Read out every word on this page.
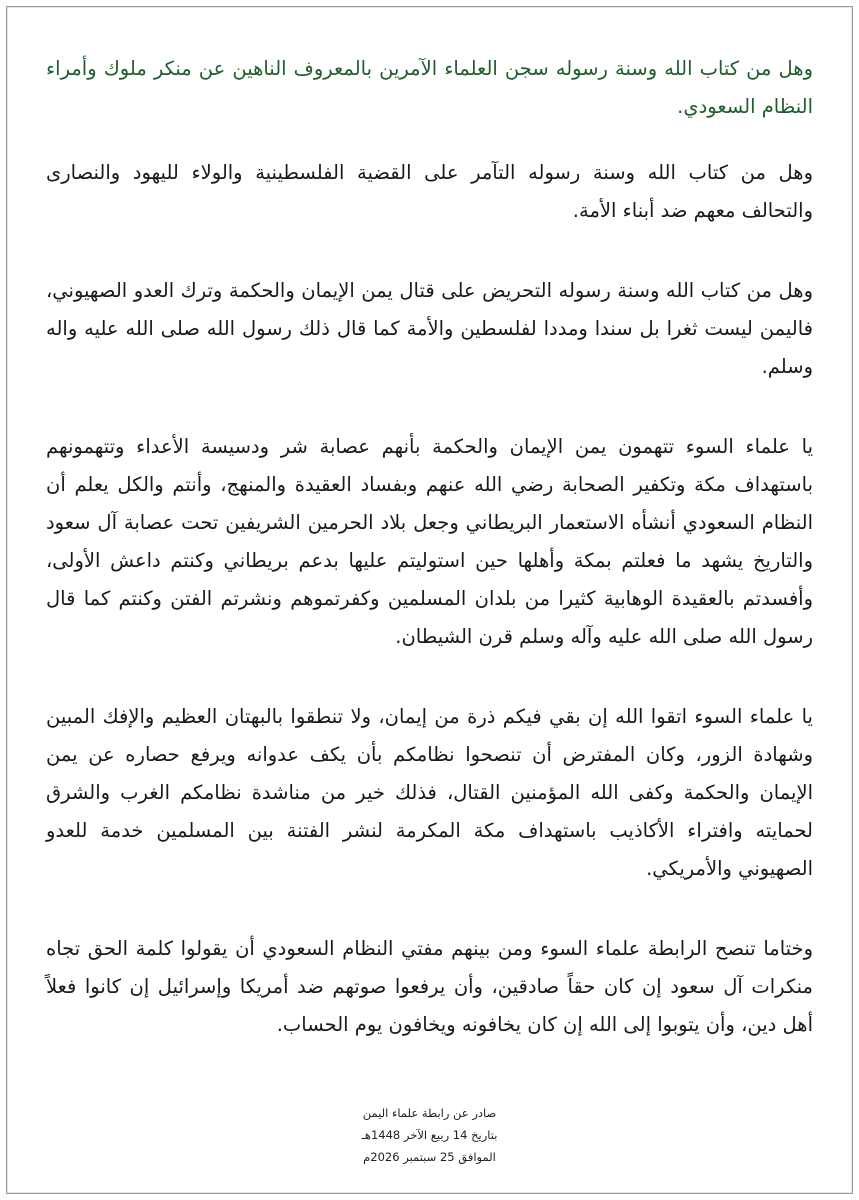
وهل من كتاب الله وسنة رسوله سجن العلماء الآمرين بالمعروف الناهين عن منكر ملوك وأمراء النظام السعودي.

وهل من كتاب الله وسنة رسوله التآمر على القضية الفلسطينية والولاء لليهود والنصارى والتحالف معهم ضد أبناء الأمة.

وهل من كتاب الله وسنة رسوله التحريض على قتال يمن الإيمان والحكمة وترك العدو الصهيوني، فاليمن ليست ثغرا بل سندا ومددا لفلسطين والأمة كما قال ذلك رسول الله صلى الله عليه واله وسلم.

يا علماء السوء تتهمون يمن الإيمان والحكمة بأنهم عصابة شر ودسيسة الأعداء وتتهمونهم باستهداف مكة وتكفير الصحابة رضي الله عنهم وبفساد العقيدة والمنهج، وأنتم والكل يعلم أن النظام السعودي أنشأه الاستعمار البريطاني وجعل بلاد الحرمين الشريفين تحت عصابة آل سعود والتاريخ يشهد ما فعلتم بمكة وأهلها حين استوليتم عليها بدعم بريطاني وكنتم داعش الأولى، وأفسدتم بالعقيدة الوهابية كثيرا من بلدان المسلمين وكفرتموهم ونشرتم الفتن وكنتم كما قال رسول الله صلى الله عليه وآله وسلم قرن الشيطان.

يا علماء السوء اتقوا الله إن بقي فيكم ذرة من إيمان، ولا تنطقوا بالبهتان العظيم والإفك المبين وشهادة الزور، وكان المفترض أن تنصحوا نظامكم بأن يكف عدوانه ويرفع حصاره عن يمن الإيمان والحكمة وكفى الله المؤمنين القتال، فذلك خير من مناشدة نظامكم الغرب والشرق لحمايته وافتراء الأكاذيب باستهداف مكة المكرمة لنشر الفتنة بين المسلمين خدمة للعدو الصهيوني والأمريكي.

وختاما تنصح الرابطة علماء السوء ومن بينهم مفتي النظام السعودي أن يقولوا كلمة الحق تجاه منكرات آل سعود إن كان حقاً صادقين، وأن يرفعوا صوتهم ضد أمريكا وإسرائيل إن كانوا فعلاً أهل دين، وأن يتوبوا إلى الله إن كان يخافونه ويخافون يوم الحساب.

صادر عن رابطة علماء اليمن
بتاريخ 14 ربيع الآخر 1448هـ
الموافق 25 سبتمبر 2026م
